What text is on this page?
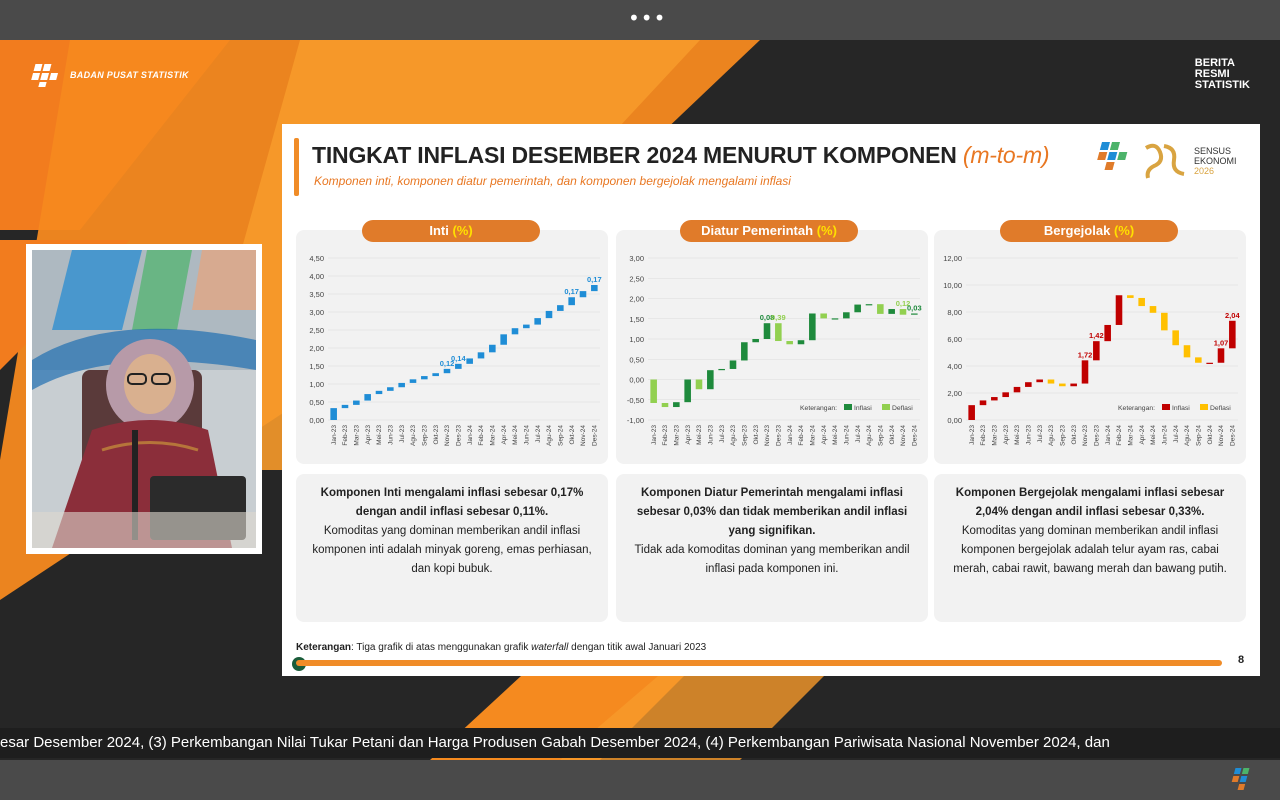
•••
BADAN PUSAT STATISTIK
BERITA
RESMI
STATISTIK
TINGKAT INFLASI DESEMBER 2024 MENURUT KOMPONEN (m-to-m)
Komponen inti, komponen diatur pemerintah, dan komponen bergejolak mengalami inflasi
SENSUS
EKONOMI
2026
0,00
0,50
1,00
1,50
2,00
2,50
3,00
3,50
4,00
4,50
Jan-23 Feb-23 Mar-23 Apr-23 Mei-23 Jun-23 Jul-23 Agu-23 Sep-23 Okt-23
0,12
Nov-23
0,14
Des-23 Jan-24 Feb-24 Mar-24 Apr-24 Mei-24 Jun-24 Jul-24 Agu-24 Sep-24
0,17
Okt-24 Nov-24
0,17
Des-24
-1,00
-0,50
0,00
0,50
1,00
1,50
2,00
2,50
3,00
Jan-23 Feb-23 Mar-23 Apr-23 Mei-23 Jun-23 Jul-23 Agu-23 Sep-23 Okt-23
0,08
Nov-23
0,39
Des-23 Jan-24 Feb-24 Mar-24 Apr-24 Mei-24 Jun-24 Jul-24 Agu-24 Sep-24 Okt-24
0,12
Nov-24
0,03
Des-24
Keterangan: Inflasi	Deflasi
0,00
2,00
4,00
6,00
8,00
10,00
12,00
Jan-23 Feb-23 Mar-23 Apr-23 Mei-23 Jun-23 Jul-23 Agu-23 Sep-23 Okt-23
1,72
Nov-23
1,42
Des-23 Jan-24 Feb-24 Mar-24 Apr-24 Mei-24 Jun-24 Jul-24 Agu-24 Sep-24 Okt-24
1,07
Nov-24
2,04
Des-24
Keterangan: Inflasi	Deflasi
Inti (%)	Diatur Pemerintah (%)	Bergejolak (%)
Komponen Inti mengalami inflasi sebesar 0,17% dengan andil inflasi sebesar 0,11%.
Komoditas yang dominan memberikan andil inflasi komponen inti adalah minyak goreng, emas perhiasan, dan kopi bubuk.
Komponen Diatur Pemerintah mengalami inflasi sebesar 0,03% dan tidak memberikan andil inflasi yang signifikan.
Tidak ada komoditas dominan yang memberikan andil inflasi pada komponen ini.
Komponen Bergejolak mengalami inflasi sebesar 2,04% dengan andil inflasi sebesar 0,33%.
Komoditas yang dominan memberikan andil inflasi komponen bergejolak adalah telur ayam ras, cabai merah, cabai rawit, bawang merah dan bawang putih.
Keterangan: Tiga grafik di atas menggunakan grafik waterfall dengan titik awal Januari 2023
8
esar Desember 2024, (3) Perkembangan Nilai Tukar Petani dan Harga Produsen Gabah Desember 2024, (4) Perkembangan Pariwisata Nasional November 2024, dan
